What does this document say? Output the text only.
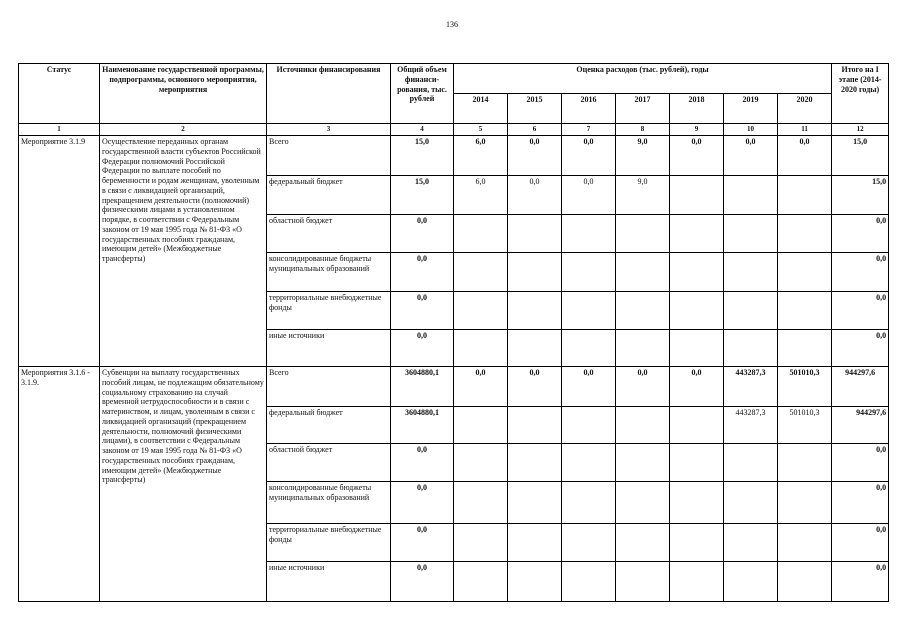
136
Статус	Наименование государственной программы, подпрограммы, основного мероприятия, мероприятия	Источники финансирования	Общий объем финанси-рования, тыс. рублей	Оценка расходов (тыс. рублей), годы							Итого на I этапе (2014-2020 годы)
				2014	2015	2016	2017	2018	2019	2020	
1	2	3	4	5	6	7	8	9	10	11	12
Мероприятие 3.1.9	Осуществление переданных органам государственной власти субъектов Российской Федерации полномочий Российской Федерации по выплате пособий по беременности и родам женщинам, уволенным в связи с ликвидацией организаций, прекращением деятельности (полномочий) физическими лицами в установленном порядке, в соответствии с Федеральным законом от 19 мая 1995 года № 81-ФЗ «О государственных пособиях гражданам, имеющим детей» (Межбюджетные трансферты)	Всего	15,0	6,0	0,0	0,0	9,0	0,0	0,0	0,0	15,0
		федеральный бюджет	15,0	6,0	0,0	0,0	9,0				15,0
		областной бюджет	0,0								0,0
		консолидированные бюджеты муниципальных образований	0,0								0,0
		территориальные внебюджетные фонды	0,0								0,0
		иные источники	0,0								0,0
Мероприятия 3.1.6 - 3.1.9.	Субвенции на выплату государственных пособий лицам, не подлежащим обязательному социальному страхованию на случай временной нетрудоспособности и в связи с материнством, и лицам, уволенным в связи с ликвидацией организаций (прекращением деятельности, полномочий физическими лицами), в соответствии с Федеральным законом от 19 мая 1995 года № 81-ФЗ «О государственных пособиях гражданам, имеющим детей» (Межбюджетные трансферты)	Всего	3604880,1	0,0	0,0	0,0	0,0	0,0	443287,3	501010,3	944297,6
		федеральный бюджет	3604880,1						443287,3	501010,3	944297,6
		областной бюджет	0,0								0,0
		консолидированные бюджеты муниципальных образований	0,0								0,0
		территориальные внебюджетные фонды	0,0								0,0
		иные источники	0,0								0,0
